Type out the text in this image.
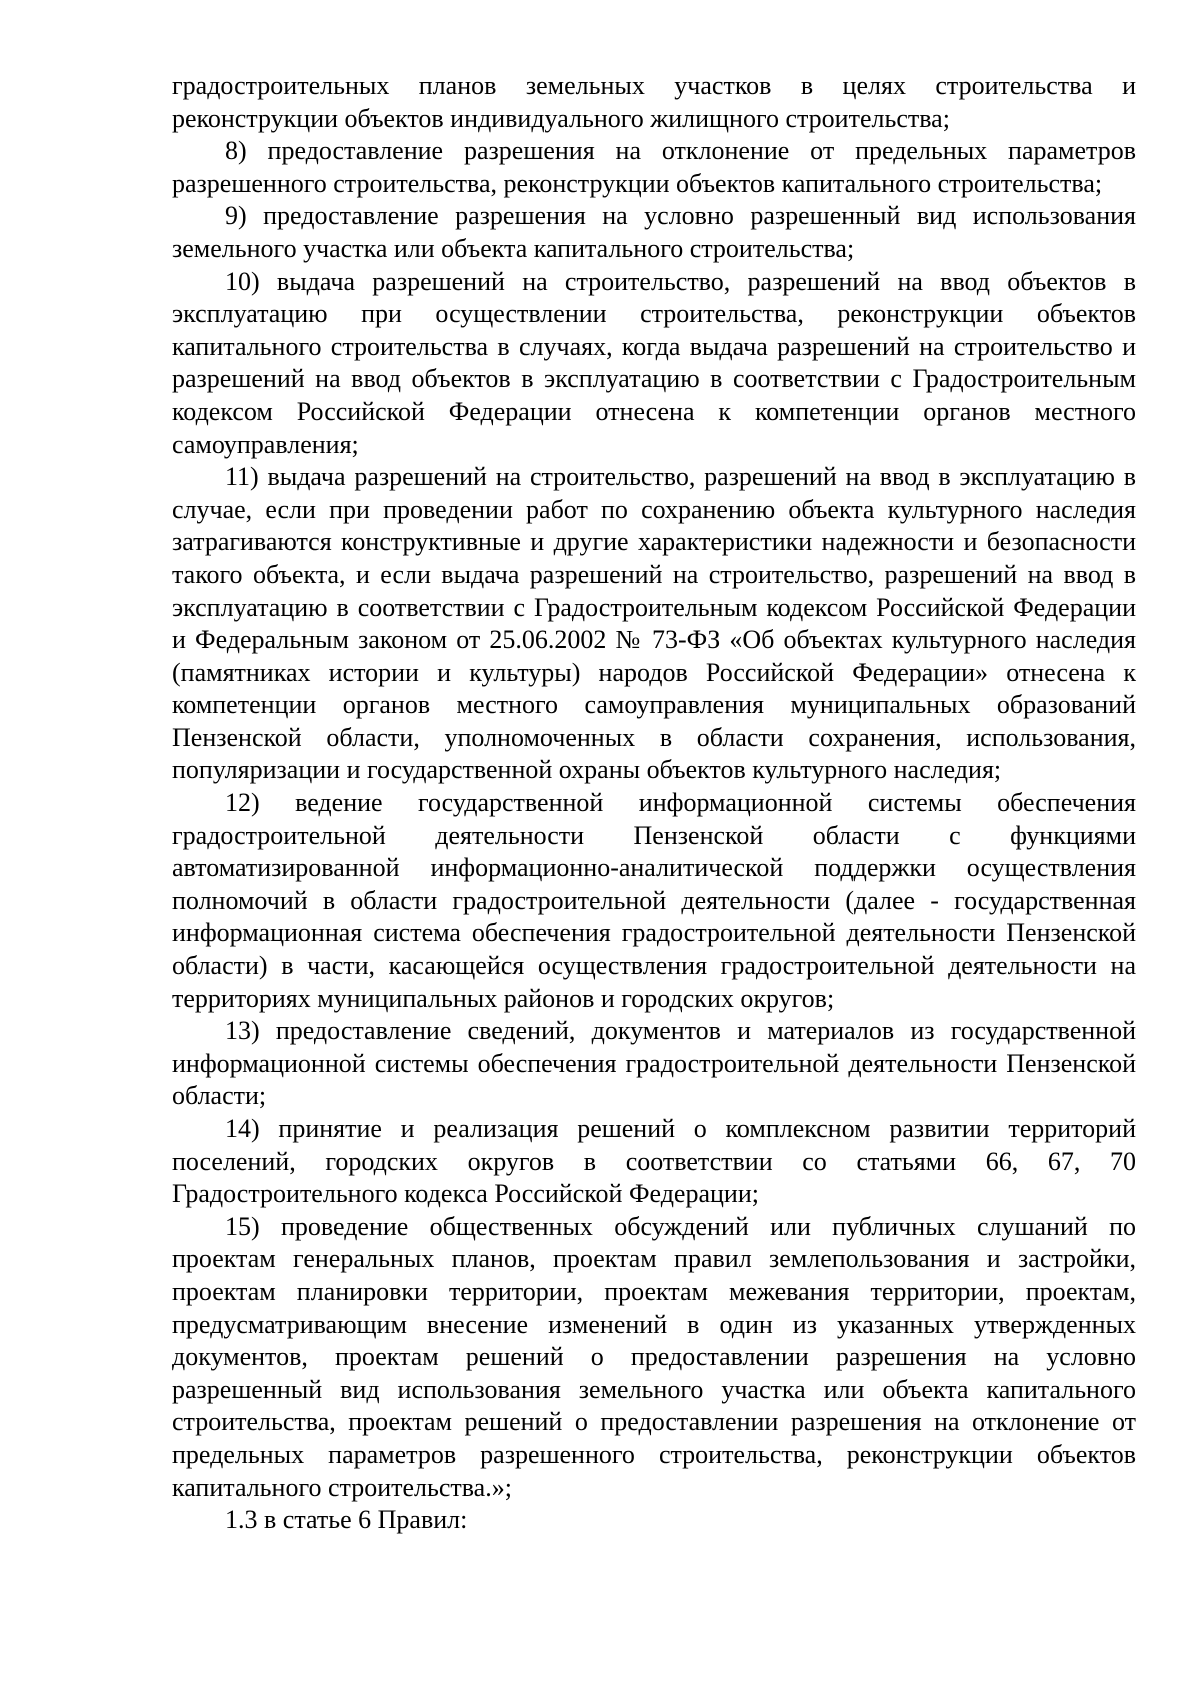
градостроительных планов земельных участков в целях строительства и реконструкции объектов индивидуального жилищного строительства;

8) предоставление разрешения на отклонение от предельных параметров разрешенного строительства, реконструкции объектов капитального строительства;

9) предоставление разрешения на условно разрешенный вид использования земельного участка или объекта капитального строительства;

10) выдача разрешений на строительство, разрешений на ввод объектов в эксплуатацию при осуществлении строительства, реконструкции объектов капитального строительства в случаях, когда выдача разрешений на строительство и разрешений на ввод объектов в эксплуатацию в соответствии с Градостроительным кодексом Российской Федерации отнесена к компетенции органов местного самоуправления;

11) выдача разрешений на строительство, разрешений на ввод в эксплуатацию в случае, если при проведении работ по сохранению объекта культурного наследия затрагиваются конструктивные и другие характеристики надежности и безопасности такого объекта, и если выдача разрешений на строительство, разрешений на ввод в эксплуатацию в соответствии с Градостроительным кодексом Российской Федерации и Федеральным законом от 25.06.2002 № 73-ФЗ «Об объектах культурного наследия (памятниках истории и культуры) народов Российской Федерации» отнесена к компетенции органов местного самоуправления муниципальных образований Пензенской области, уполномоченных в области сохранения, использования, популяризации и государственной охраны объектов культурного наследия;

12) ведение государственной информационной системы обеспечения градостроительной деятельности Пензенской области с функциями автоматизированной информационно-аналитической поддержки осуществления полномочий в области градостроительной деятельности (далее - государственная информационная система обеспечения градостроительной деятельности Пензенской области) в части, касающейся осуществления градостроительной деятельности на территориях муниципальных районов и городских округов;

13) предоставление сведений, документов и материалов из государственной информационной системы обеспечения градостроительной деятельности Пензенской области;

14) принятие и реализация решений о комплексном развитии территорий поселений, городских округов в соответствии со статьями 66, 67, 70 Градостроительного кодекса Российской Федерации;

15) проведение общественных обсуждений или публичных слушаний по проектам генеральных планов, проектам правил землепользования и застройки, проектам планировки территории, проектам межевания территории, проектам, предусматривающим внесение изменений в один из указанных утвержденных документов, проектам решений о предоставлении разрешения на условно разрешенный вид использования земельного участка или объекта капитального строительства, проектам решений о предоставлении разрешения на отклонение от предельных параметров разрешенного строительства, реконструкции объектов капитального строительства.»;

1.3 в статье 6 Правил:
